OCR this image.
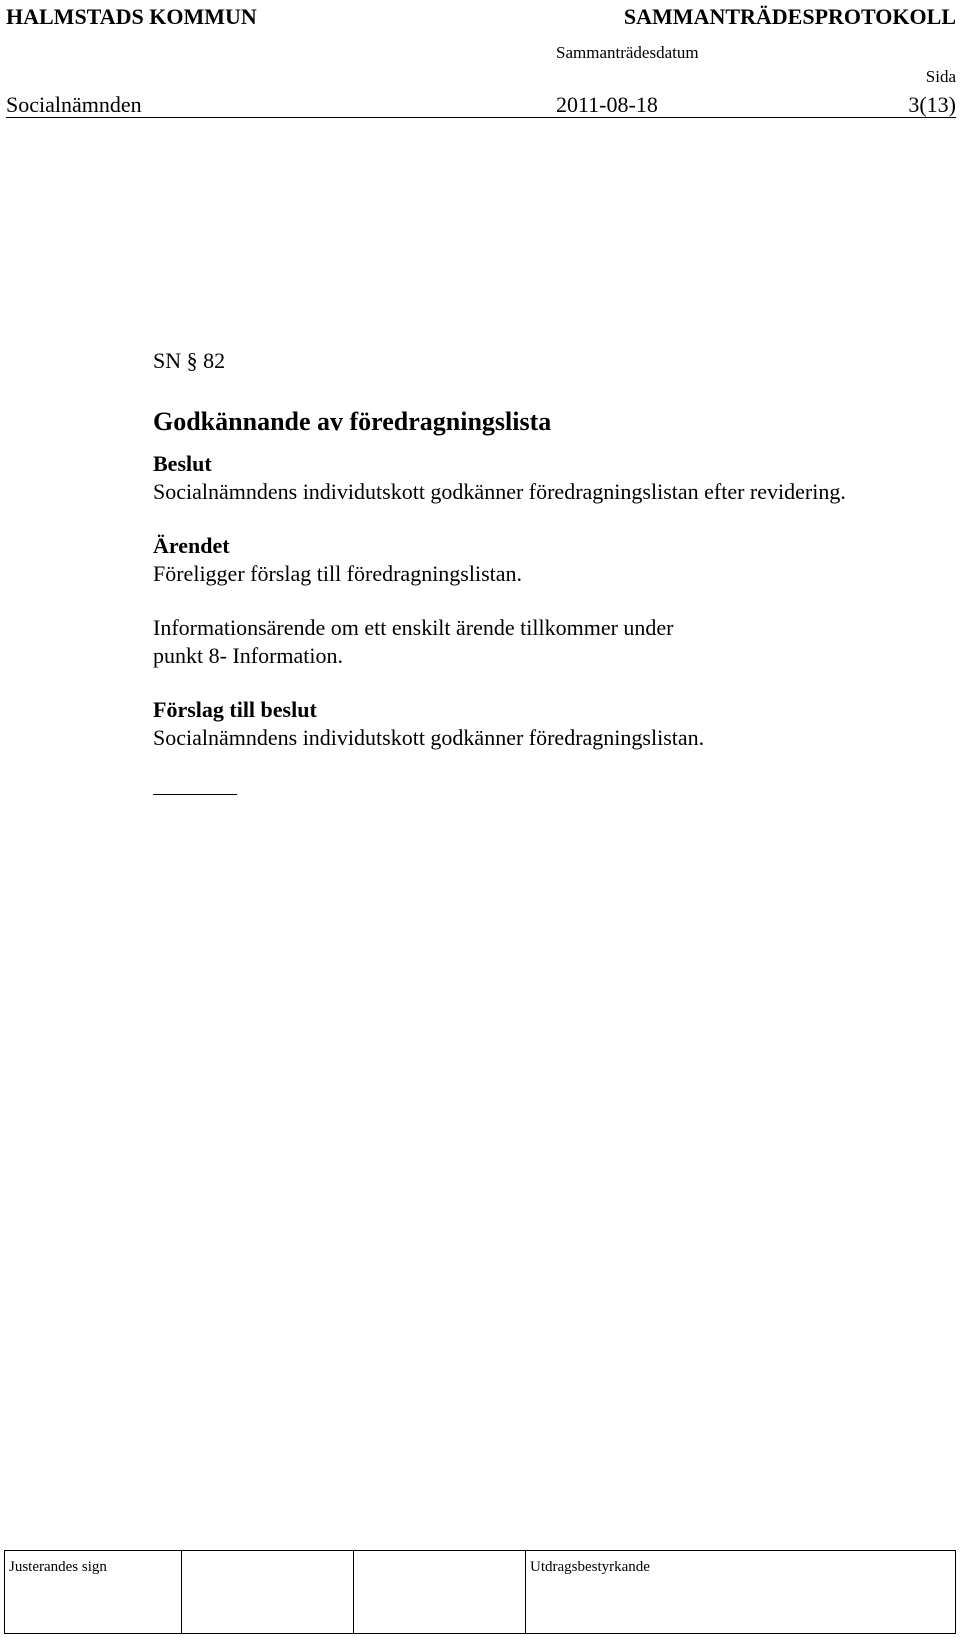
HALMSTADS KOMMUN	SAMMANTRÄDESPROTOKOLL
Sammanträdesdatum
Sida
Socialnämnden	2011-08-18	3(13)
SN § 82
Godkännande av föredragningslista
Beslut
Socialnämndens individutskott godkänner föredragningslistan efter revidering.
Ärendet
Föreligger förslag till föredragningslistan.
Informationsärende om ett enskilt ärende tillkommer under
punkt 8- Information.
Förslag till beslut
Socialnämndens individutskott godkänner föredragningslistan.
Justerandes sign			Utdragsbestyrkande
